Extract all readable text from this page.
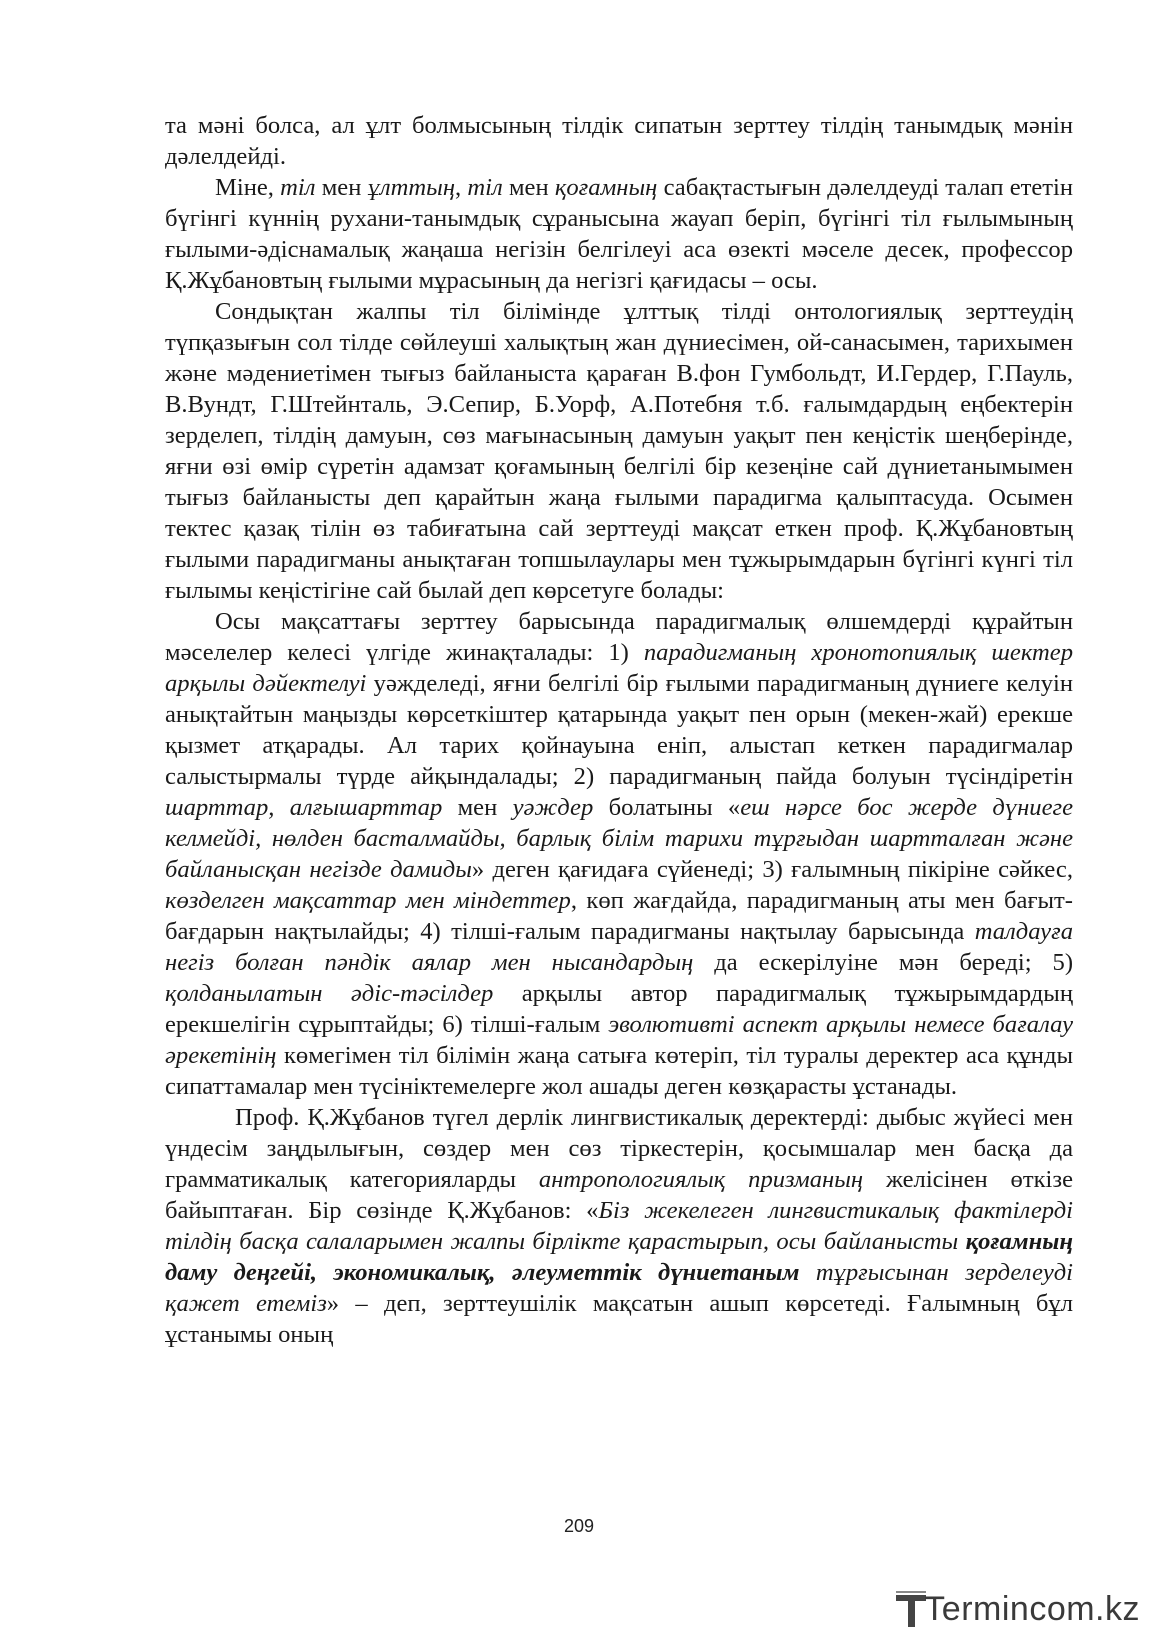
та мәні болса, ал ұлт болмысының тілдік сипатын зерттеу тілдің танымдық мәнін дәлелдейді.

Міне, тіл мен ұлттың, тіл мен қоғамның сабақтастығын дәлелдеуді талап ететін бүгінгі күннің рухани-танымдық сұранысына жауап беріп, бүгінгі тіл ғылымының ғылыми-әдіснамалық жаңаша негізін белгілеуі аса өзекті мәселе десек, профессор Қ.Жұбановтың ғылыми мұрасының да негізгі қағидасы – осы.

Сондықтан жалпы тіл білімінде ұлттық тілді онтологиялық зерттеудің түпқазығын сол тілде сөйлеуші халықтың жан дүниесімен, ой-санасымен, тарихымен және мәдениетімен тығыз байланыста қараған В.фон Гумбольдт, И.Гердер, Г.Пауль, В.Вундт, Г.Штейнталь, Э.Сепир, Б.Уорф, А.Потебня т.б. ғалымдардың еңбектерін зерделеп, тілдің дамуын, сөз мағынасының дамуын уақыт пен кеңістік шеңберінде, яғни өзі өмір сүретін адамзат қоғамының белгілі бір кезеңіне сай дүниетанымымен тығыз байланысты деп қарайтын жаңа ғылыми парадигма қалыптасуда. Осымен тектес қазақ тілін өз табиғатына сай зерттеуді мақсат еткен проф. Қ.Жұбановтың ғылыми парадигманы анықтаған топшылаулары мен тұжырымдарын бүгінгі күнгі тіл ғылымы кеңістігіне сай былай деп көрсетуге болады:

Осы мақсаттағы зерттеу барысында парадигмалық өлшемдерді құрайтын мәселелер келесі үлгіде жинақталады: 1) парадигманың хронотопиялық шектер арқылы дәйектелуі уәжделеді, яғни белгілі бір ғылыми парадигманың дүниеге келуін анықтайтын маңызды көрсеткіштер қатарында уақыт пен орын (мекен-жай) ерекше қызмет атқарады. Ал тарих қойнауына еніп, алыстап кеткен парадигмалар салыстырмалы түрде айқындалады; 2) парадигманың пайда болуын түсіндіретін шарттар, алғышарттар мен уәждер болатыны «еш нәрсе бос жерде дүниеге келмейді, нөлден басталмайды, барлық білім тарихи тұрғыдан шартталған және байланысқан негізде дамиды» деген қағидаға сүйенеді; 3) ғалымның пікіріне сәйкес, көзделген мақсаттар мен міндеттер, көп жағдайда, парадигманың аты мен бағыт-бағдарын нақтылайды; 4) тілші-ғалым парадигманы нақтылау барысында талдауға негіз болған пәндік аялар мен нысандардың да ескерілуіне мән береді; 5) қолданылатын әдіс-тәсілдер арқылы автор парадигмалық тұжырымдардың ерекшелігін сұрыптайды; 6) тілші-ғалым эволютивті аспект арқылы немесе бағалау әрекетінің көмегімен тіл білімін жаңа сатыға көтеріп, тіл туралы деректер аса құнды сипаттамалар мен түсініктемелерге жол ашады деген көзқарасты ұстанады.

Проф. Қ.Жұбанов түгел дерлік лингвистикалық деректерді: дыбыс жүйесі мен үндесім заңдылығын, сөздер мен сөз тіркестерін, қосымшалар мен басқа да грамматикалық категорияларды антропологиялық призманың желісінен өткізе байыптаған. Бір сөзінде Қ.Жұбанов: «Біз жекелеген лингвистикалық фактілерді тілдің басқа салаларымен жалпы бірлікте қарастырып, осы байланысты қоғамның даму деңгейі, экономикалық, әлеуметтік дүниетаным тұрғысынан зерделеуді қажет етеміз» – деп, зерттеушілік мақсатын ашып көрсетеді. Ғалымның бұл ұстанымы оның

209
Termincom.kz
